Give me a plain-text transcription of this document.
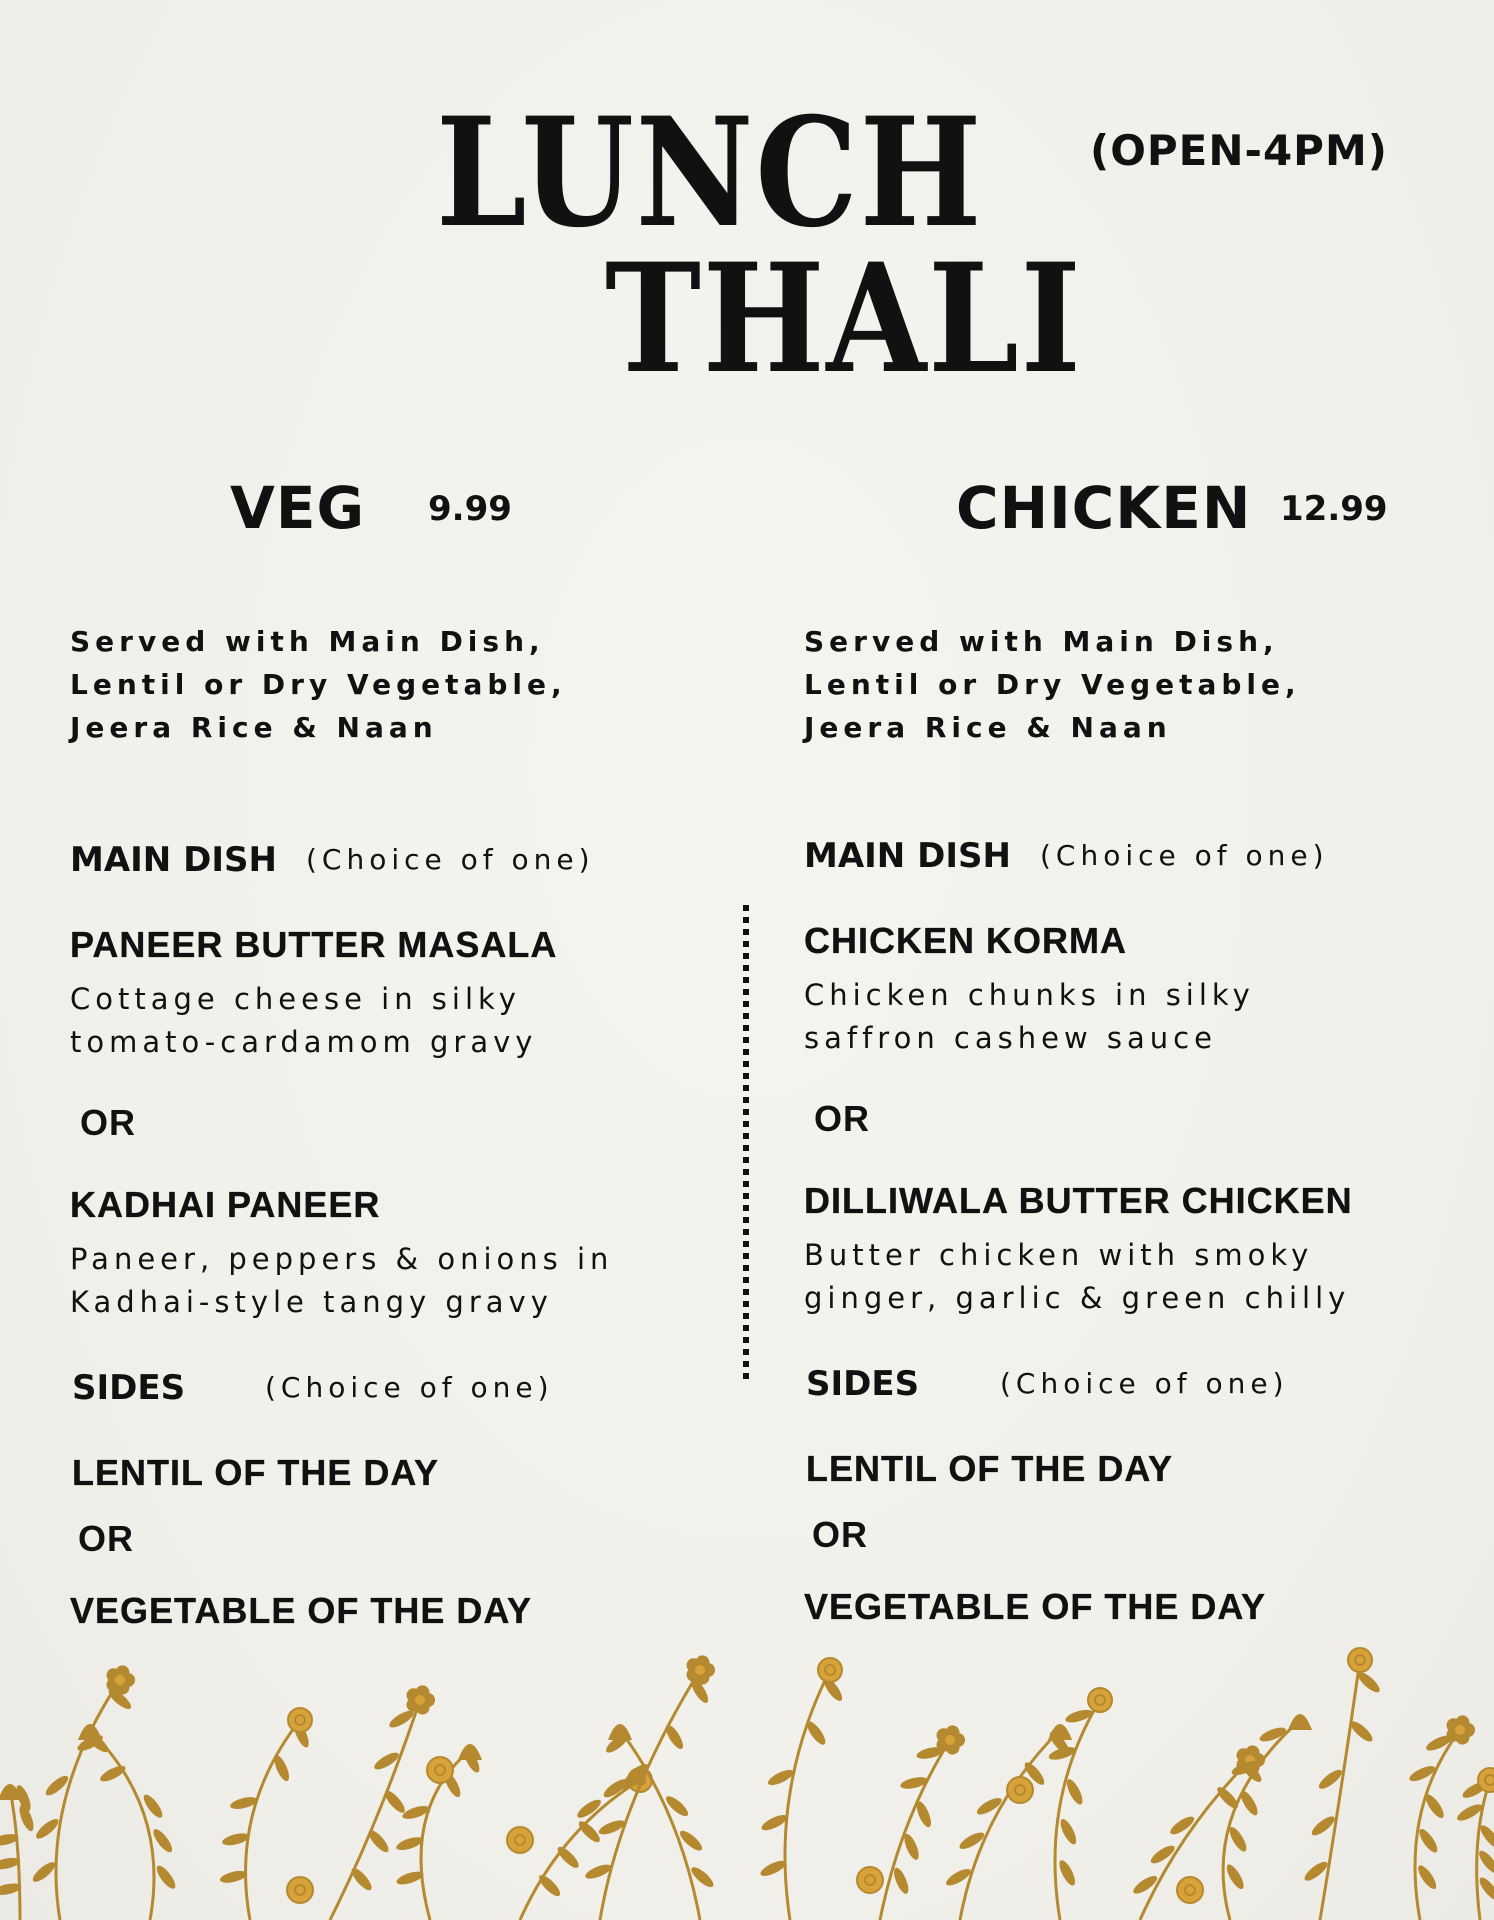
LUNCH
THALI
(OPEN-4PM)
VEG 9.99
Served with Main Dish,
Lentil or Dry Vegetable,
Jeera Rice & Naan
MAIN DISH (Choice of one)
PANEER BUTTER MASALA
Cottage cheese in silky
tomato-cardamom gravy
OR
KADHAI PANEER
Paneer, peppers & onions in
Kadhai-style tangy gravy
SIDES	(Choice of one)
LENTIL OF THE DAY
OR
VEGETABLE OF THE DAY
CHICKEN 12.99
Served with Main Dish,
Lentil or Dry Vegetable,
Jeera Rice & Naan
MAIN DISH (Choice of one)
CHICKEN KORMA
Chicken chunks in silky
saffron cashew sauce
OR
DILLIWALA BUTTER CHICKEN
Butter chicken with smoky
ginger, garlic & green chilly
SIDES	(Choice of one)
LENTIL OF THE DAY
OR
VEGETABLE OF THE DAY
